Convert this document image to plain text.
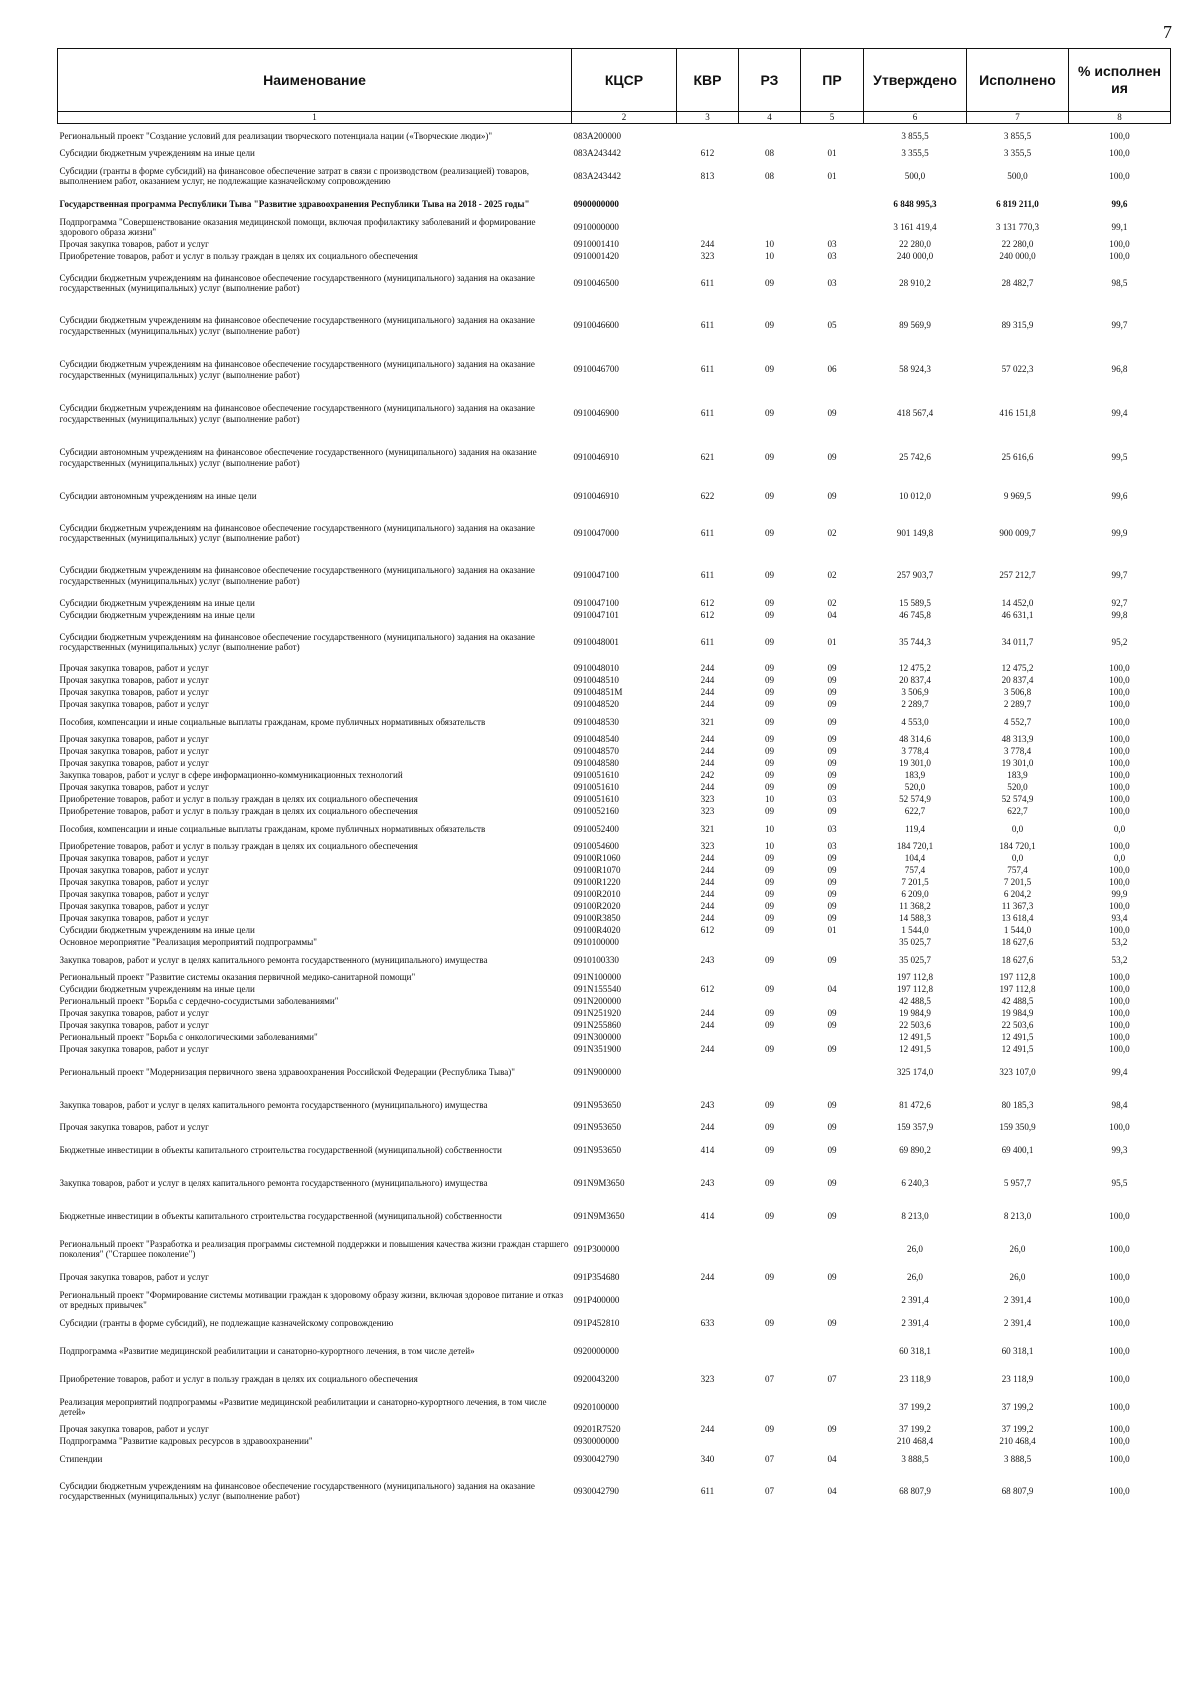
7
Наименование	КЦСР	КВР	РЗ	ПР	Утверждено	Исполнено	% исполнен ия
1	2	3	4	5	6	7	8
Региональный проект "Создание условий для реализации творческого потенциала нации («Творческие люди»)"	083A200000				3 855,5	3 855,5	100,0
Субсидии бюджетным учреждениям на иные цели	083A243442	612	08	01	3 355,5	3 355,5	100,0
Субсидии (гранты в форме субсидий) на финансовое обеспечение затрат в связи с производством (реализацией) товаров, выполнением работ, оказанием услуг, не подлежащие казначейскому сопровождению	083A243442	813	08	01	500,0	500,0	100,0
Государственная программа Республики Тыва "Развитие здравоохранения Республики Тыва на 2018 - 2025 годы"	0900000000				6 848 995,3	6 819 211,0	99,6
Подпрограмма "Совершенствование оказания медицинской помощи, включая профилактику заболеваний и формирование здорового образа жизни"	0910000000				3 161 419,4	3 131 770,3	99,1
Прочая закупка товаров, работ и услуг	0910001410	244	10	03	22 280,0	22 280,0	100,0
Приобретение товаров, работ и услуг в пользу граждан в целях их социального обеспечения	0910001420	323	10	03	240 000,0	240 000,0	100,0
Субсидии бюджетным учреждениям на финансовое обеспечение государственного (муниципального) задания на оказание государственных (муниципальных) услуг (выполнение работ)	0910046500	611	09	03	28 910,2	28 482,7	98,5
Субсидии бюджетным учреждениям на финансовое обеспечение государственного (муниципального) задания на оказание государственных (муниципальных) услуг (выполнение работ)	0910046600	611	09	05	89 569,9	89 315,9	99,7
Субсидии бюджетным учреждениям на финансовое обеспечение государственного (муниципального) задания на оказание государственных (муниципальных) услуг (выполнение работ)	0910046700	611	09	06	58 924,3	57 022,3	96,8
Субсидии бюджетным учреждениям на финансовое обеспечение государственного (муниципального) задания на оказание государственных (муниципальных) услуг (выполнение работ)	0910046900	611	09	09	418 567,4	416 151,8	99,4
Субсидии автономным учреждениям на финансовое обеспечение государственного (муниципального) задания на оказание государственных (муниципальных) услуг (выполнение работ)	0910046910	621	09	09	25 742,6	25 616,6	99,5
Субсидии автономным учреждениям на иные цели	0910046910	622	09	09	10 012,0	9 969,5	99,6
Субсидии бюджетным учреждениям на финансовое обеспечение государственного (муниципального) задания на оказание государственных (муниципальных) услуг (выполнение работ)	0910047000	611	09	02	901 149,8	900 009,7	99,9
Субсидии бюджетным учреждениям на финансовое обеспечение государственного (муниципального) задания на оказание государственных (муниципальных) услуг (выполнение работ)	0910047100	611	09	02	257 903,7	257 212,7	99,7
Субсидии бюджетным учреждениям на иные цели	0910047100	612	09	02	15 589,5	14 452,0	92,7
Субсидии бюджетным учреждениям на иные цели	0910047101	612	09	04	46 745,8	46 631,1	99,8
Субсидии бюджетным учреждениям на финансовое обеспечение государственного (муниципального) задания на оказание государственных (муниципальных) услуг (выполнение работ)	0910048001	611	09	01	35 744,3	34 011,7	95,2
Прочая закупка товаров, работ и услуг	0910048010	244	09	09	12 475,2	12 475,2	100,0
Прочая закупка товаров, работ и услуг	0910048510	244	09	09	20 837,4	20 837,4	100,0
Прочая закупка товаров, работ и услуг	091004851М	244	09	09	3 506,9	3 506,8	100,0
Прочая закупка товаров, работ и услуг	0910048520	244	09	09	2 289,7	2 289,7	100,0
Пособия, компенсации и иные социальные выплаты гражданам, кроме публичных нормативных обязательств	0910048530	321	09	09	4 553,0	4 552,7	100,0
Прочая закупка товаров, работ и услуг	0910048540	244	09	09	48 314,6	48 313,9	100,0
Прочая закупка товаров, работ и услуг	0910048570	244	09	09	3 778,4	3 778,4	100,0
Прочая закупка товаров, работ и услуг	0910048580	244	09	09	19 301,0	19 301,0	100,0
Закупка товаров, работ и услуг в сфере информационно-коммуникационных технологий	0910051610	242	09	09	183,9	183,9	100,0
Прочая закупка товаров, работ и услуг	0910051610	244	09	09	520,0	520,0	100,0
Приобретение товаров, работ и услуг в пользу граждан в целях их социального обеспечения	0910051610	323	10	03	52 574,9	52 574,9	100,0
Приобретение товаров, работ и услуг в пользу граждан в целях их социального обеспечения	0910052160	323	09	09	622,7	622,7	100,0
Пособия, компенсации и иные социальные выплаты гражданам, кроме публичных нормативных обязательств	0910052400	321	10	03	119,4	0,0	0,0
Приобретение товаров, работ и услуг в пользу граждан в целях их социального обеспечения	0910054600	323	10	03	184 720,1	184 720,1	100,0
Прочая закупка товаров, работ и услуг	09100R1060	244	09	09	104,4	0,0	0,0
Прочая закупка товаров, работ и услуг	09100R1070	244	09	09	757,4	757,4	100,0
Прочая закупка товаров, работ и услуг	09100R1220	244	09	09	7 201,5	7 201,5	100,0
Прочая закупка товаров, работ и услуг	09100R2010	244	09	09	6 209,0	6 204,2	99,9
Прочая закупка товаров, работ и услуг	09100R2020	244	09	09	11 368,2	11 367,3	100,0
Прочая закупка товаров, работ и услуг	09100R3850	244	09	09	14 588,3	13 618,4	93,4
Субсидии бюджетным учреждениям на иные цели	09100R4020	612	09	01	1 544,0	1 544,0	100,0
Основное мероприятие "Реализация мероприятий подпрограммы"	0910100000				35 025,7	18 627,6	53,2
Закупка товаров, работ и услуг в целях капитального ремонта государственного (муниципального) имущества	0910100330	243	09	09	35 025,7	18 627,6	53,2
Региональный проект "Развитие системы оказания первичной медико-санитарной помощи"	091N100000				197 112,8	197 112,8	100,0
Субсидии бюджетным учреждениям на иные цели	091N155540	612	09	04	197 112,8	197 112,8	100,0
Региональный проект "Борьба с сердечно-сосудистыми заболеваниями"	091N200000				42 488,5	42 488,5	100,0
Прочая закупка товаров, работ и услуг	091N251920	244	09	09	19 984,9	19 984,9	100,0
Прочая закупка товаров, работ и услуг	091N255860	244	09	09	22 503,6	22 503,6	100,0
Региональный проект "Борьба с онкологическими заболеваниями"	091N300000				12 491,5	12 491,5	100,0
Прочая закупка товаров, работ и услуг	091N351900	244	09	09	12 491,5	12 491,5	100,0
Региональный проект "Модернизация первичного звена здравоохранения Российской Федерации (Республика Тыва)"	091N900000				325 174,0	323 107,0	99,4
Закупка товаров, работ и услуг в целях капитального ремонта государственного (муниципального) имущества	091N953650	243	09	09	81 472,6	80 185,3	98,4
Прочая закупка товаров, работ и услуг	091N953650	244	09	09	159 357,9	159 350,9	100,0
Бюджетные инвестиции в объекты капитального строительства государственной (муниципальной) собственности	091N953650	414	09	09	69 890,2	69 400,1	99,3
Закупка товаров, работ и услуг в целях капитального ремонта государственного (муниципального) имущества	091N9M3650	243	09	09	6 240,3	5 957,7	95,5
Бюджетные инвестиции в объекты капитального строительства государственной (муниципальной) собственности	091N9M3650	414	09	09	8 213,0	8 213,0	100,0
Региональный проект "Разработка и реализация программы системной поддержки и повышения качества жизни граждан старшего поколения" ("Старшее поколение")	091P300000				26,0	26,0	100,0
Прочая закупка товаров, работ и услуг	091P354680	244	09	09	26,0	26,0	100,0
Региональный проект "Формирование системы мотивации граждан к здоровому образу жизни, включая здоровое питание и отказ от вредных привычек"	091P400000				2 391,4	2 391,4	100,0
Субсидии (гранты в форме субсидий), не подлежащие казначейскому сопровождению	091P452810	633	09	09	2 391,4	2 391,4	100,0
Подпрограмма «Развитие медицинской реабилитации и санаторно-курортного лечения, в том числе детей»	0920000000				60 318,1	60 318,1	100,0
Приобретение товаров, работ и услуг в пользу граждан в целях их социального обеспечения	0920043200	323	07	07	23 118,9	23 118,9	100,0
Реализация мероприятий подпрограммы «Развитие медицинской реабилитации и санаторно-курортного лечения, в том числе детей»	0920100000				37 199,2	37 199,2	100,0
Прочая закупка товаров, работ и услуг	09201R7520	244	09	09	37 199,2	37 199,2	100,0
Подпрограмма "Развитие кадровых ресурсов в здравоохранении"	0930000000				210 468,4	210 468,4	100,0
Стипендии	0930042790	340	07	04	3 888,5	3 888,5	100,0
Субсидии бюджетным учреждениям на финансовое обеспечение государственного (муниципального) задания на оказание государственных (муниципальных) услуг (выполнение работ)	0930042790	611	07	04	68 807,9	68 807,9	100,0
